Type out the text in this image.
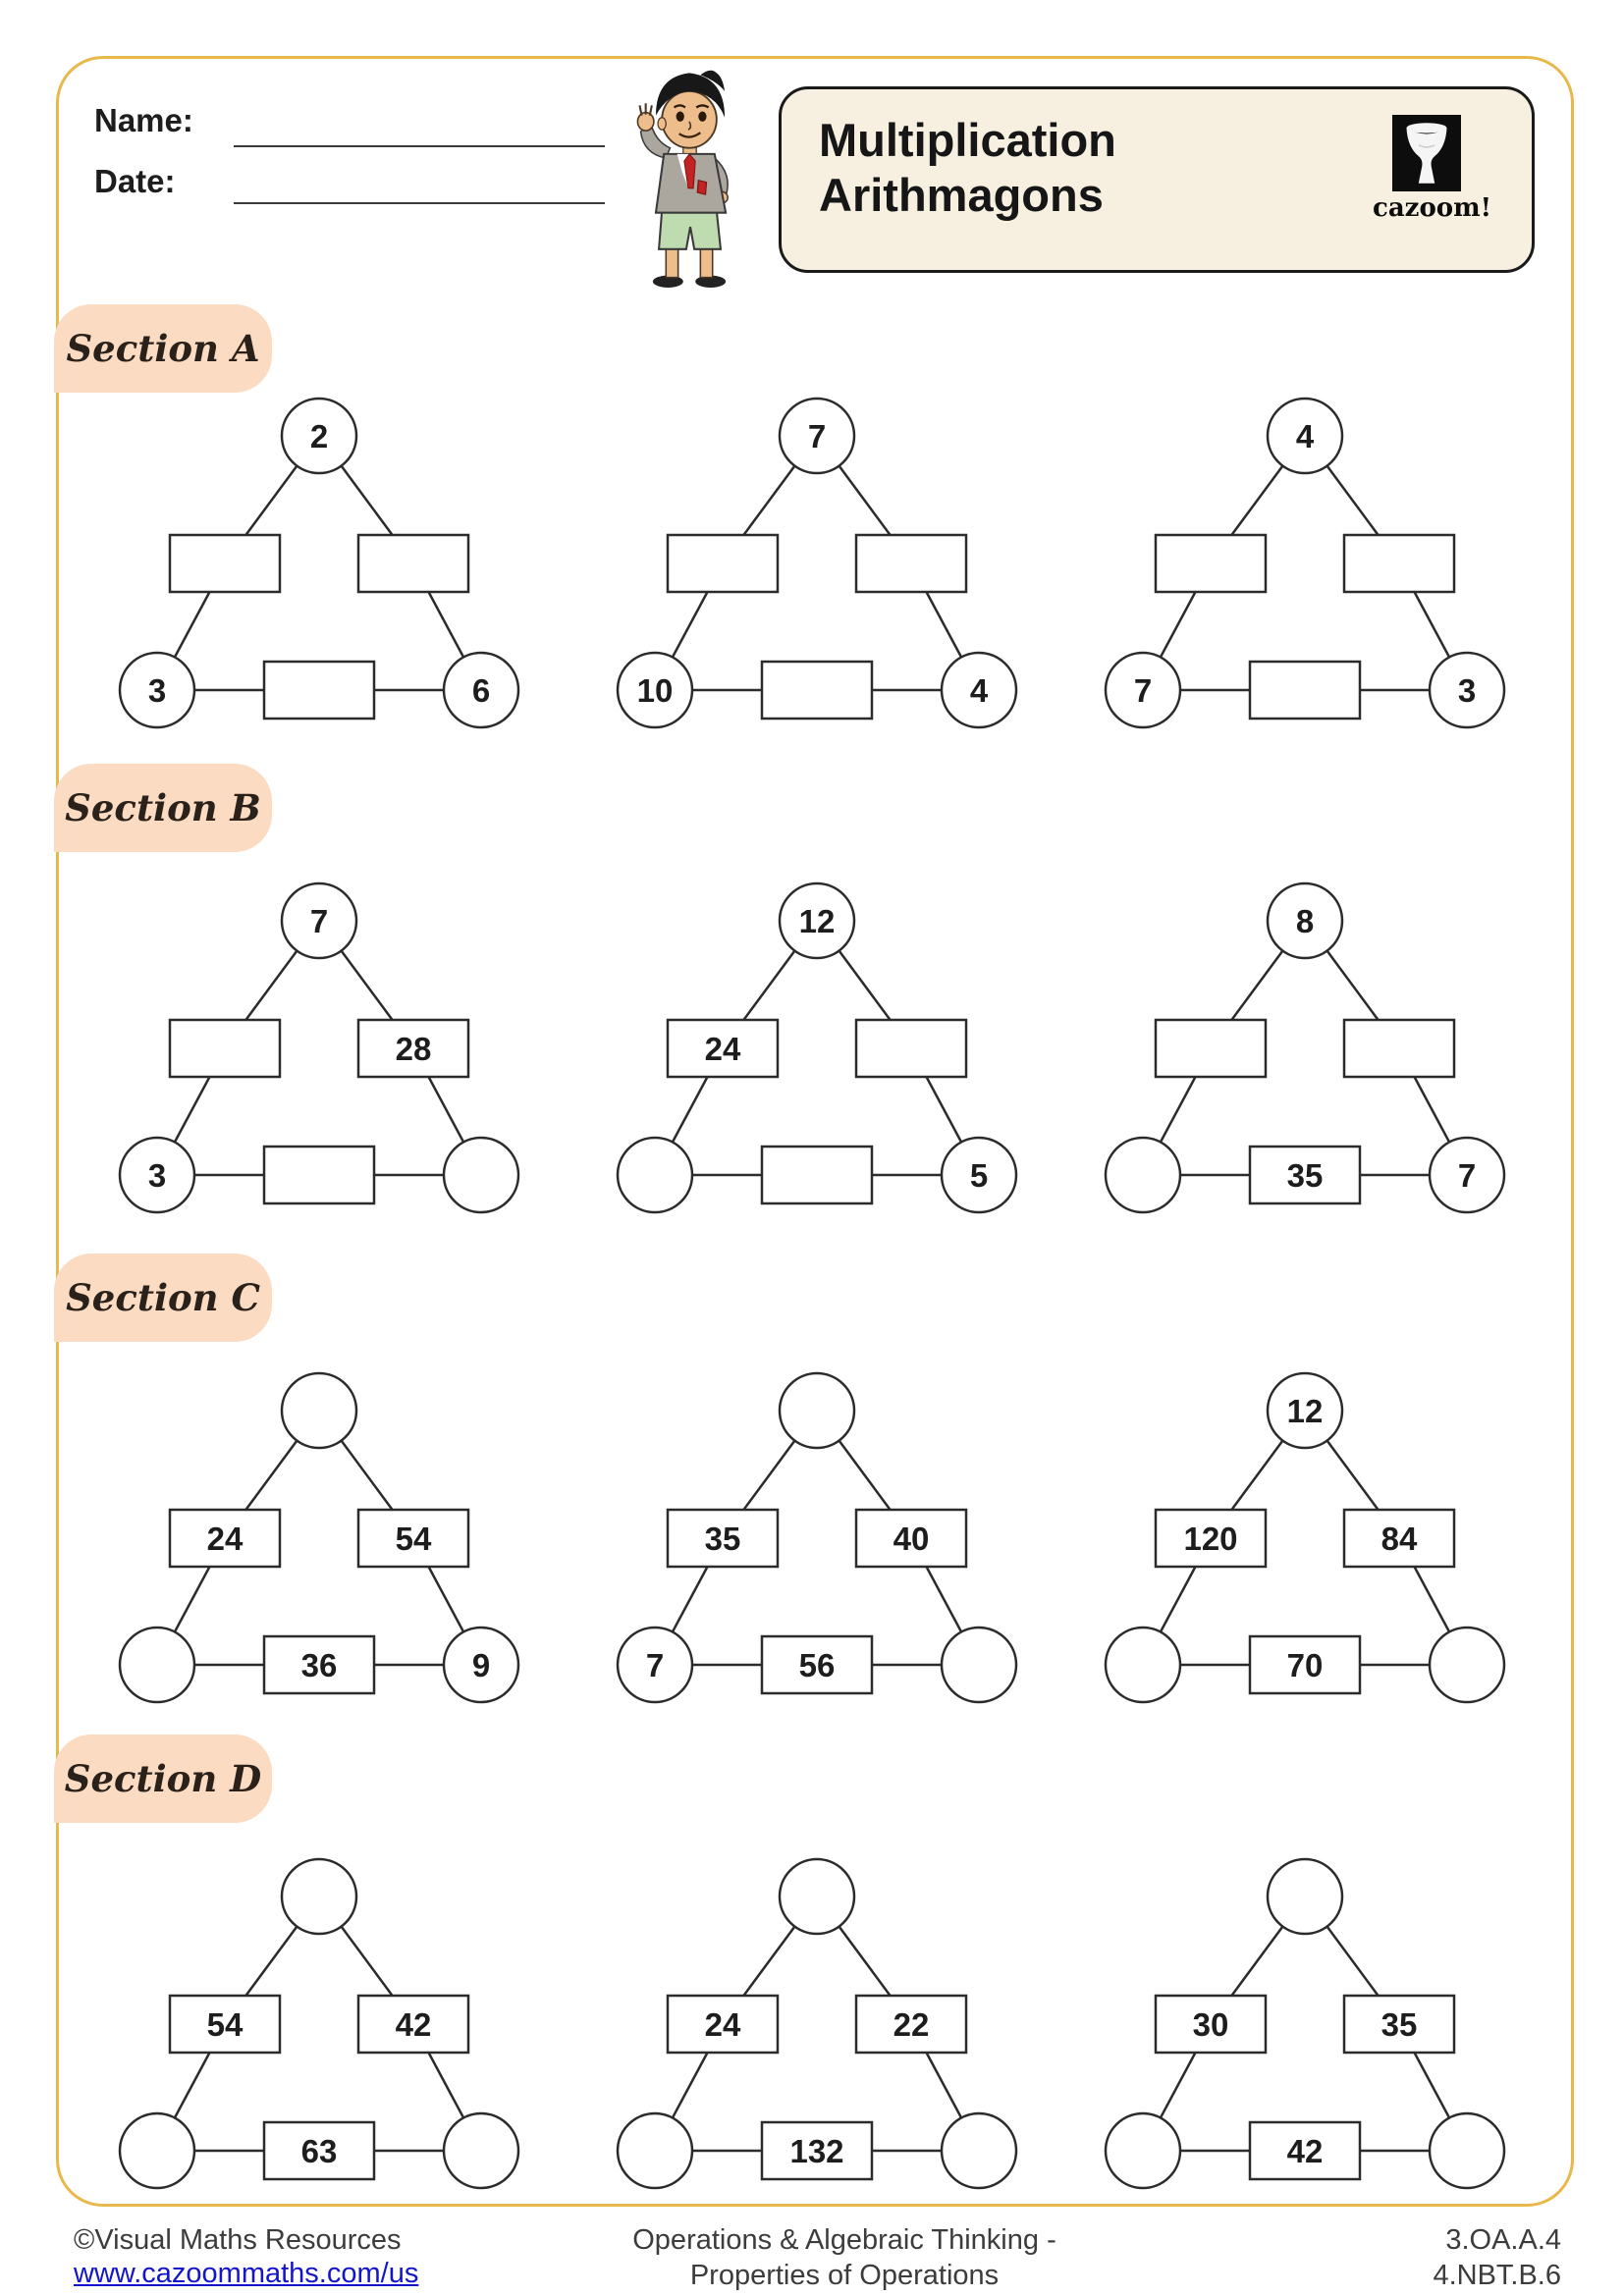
Name:
Date:
Multiplication
Arithmagons	cazoom!
Section A
Section B
Section C
Section D
2
3	6
7
10	4
4
7	3
7
28
3
12
24
5
8
35	7
24	54
36	9
35	40
7	56
12
120	84
70
54	42
63
24	22
132
30	35
42
©Visual Maths Resources
www.cazoommaths.com/us
Operations & Algebraic Thinking -
Properties of Operations
3.OA.A.4
4.NBT.B.6
